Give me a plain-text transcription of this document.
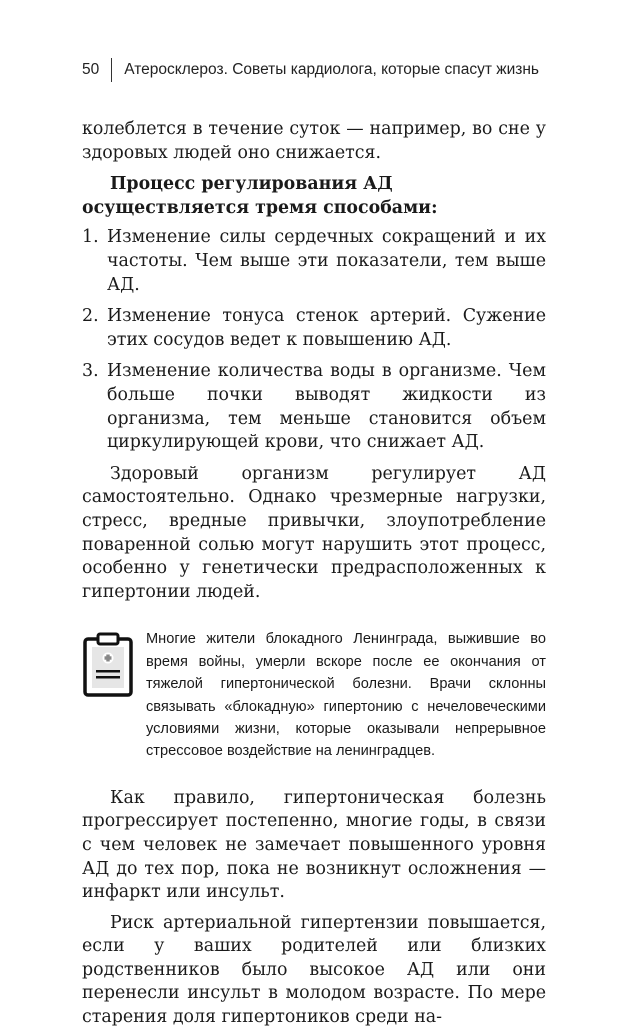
50 Атеросклероз. Советы кардиолога, которые спасут жизнь

колеблется в течение суток — например, во сне у здоровых людей оно снижается.

Процесс регулирования АД осуществляется тремя способами:

1. Изменение силы сердечных сокращений и их частоты. Чем выше эти показатели, тем выше АД.
2. Изменение тонуса стенок артерий. Сужение этих сосудов ведет к повышению АД.
3. Изменение количества воды в организме. Чем больше почки выводят жидкости из организма, тем меньше становится объем циркулирующей крови, что снижает АД.

Здоровый организм регулирует АД самостоятельно. Однако чрезмерные нагрузки, стресс, вредные привычки, злоупотребление поваренной солью могут нарушить этот процесс, особенно у генетически предрасположенных к гипертонии людей.

Многие жители блокадного Ленинграда, выжившие во время войны, умерли вскоре после ее окончания от тяжелой гипертонической болезни. Врачи склонны связывать «блокадную» гипертонию с нечеловеческими условиями жизни, которые оказывали непрерывное стрессовое воздействие на ленинградцев.

Как правило, гипертоническая болезнь прогрессирует постепенно, многие годы, в связи с чем человек не замечает повышенного уровня АД до тех пор, пока не возникнут осложнения — инфаркт или инсульт.

Риск артериальной гипертензии повышается, если у ваших родителей или близких родственников было высокое АД или они перенесли инсульт в молодом возрасте. По мере старения доля гипертоников среди на-
